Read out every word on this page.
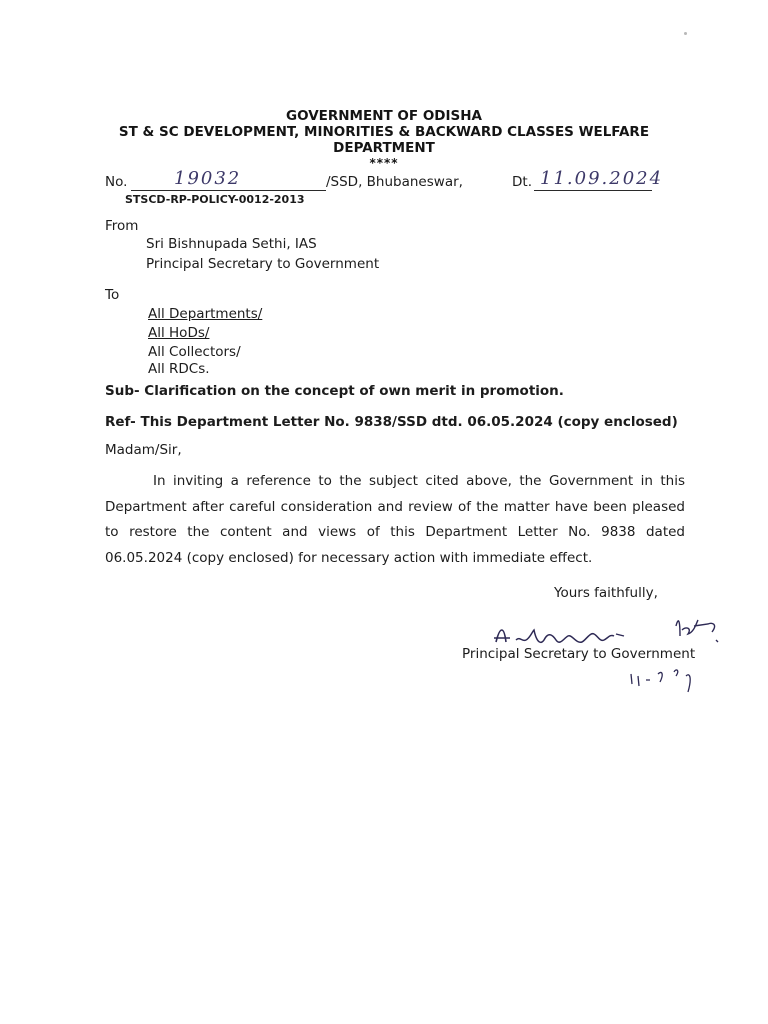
GOVERNMENT OF ODISHA
ST & SC DEVELOPMENT, MINORITIES & BACKWARD CLASSES WELFARE
DEPARTMENT
****
No.	19032	/SSD, Bhubaneswar,	Dt. 11.09.2024
STSCD-RP-POLICY-0012-2013
From
Sri Bishnupada Sethi, IAS
Principal Secretary to Government
To
All Departments/
All HoDs/
All Collectors/
All RDCs.
Sub- Clarification on the concept of own merit in promotion.
Ref- This Department Letter No. 9838/SSD dtd. 06.05.2024 (copy enclosed)
Madam/Sir,
In inviting a reference to the subject cited above, the Government in this Department after careful consideration and review of the matter have been pleased to restore the content and views of this Department Letter No. 9838 dated 06.05.2024 (copy enclosed) for necessary action with immediate effect.
Yours faithfully,
Principal Secretary to Government
